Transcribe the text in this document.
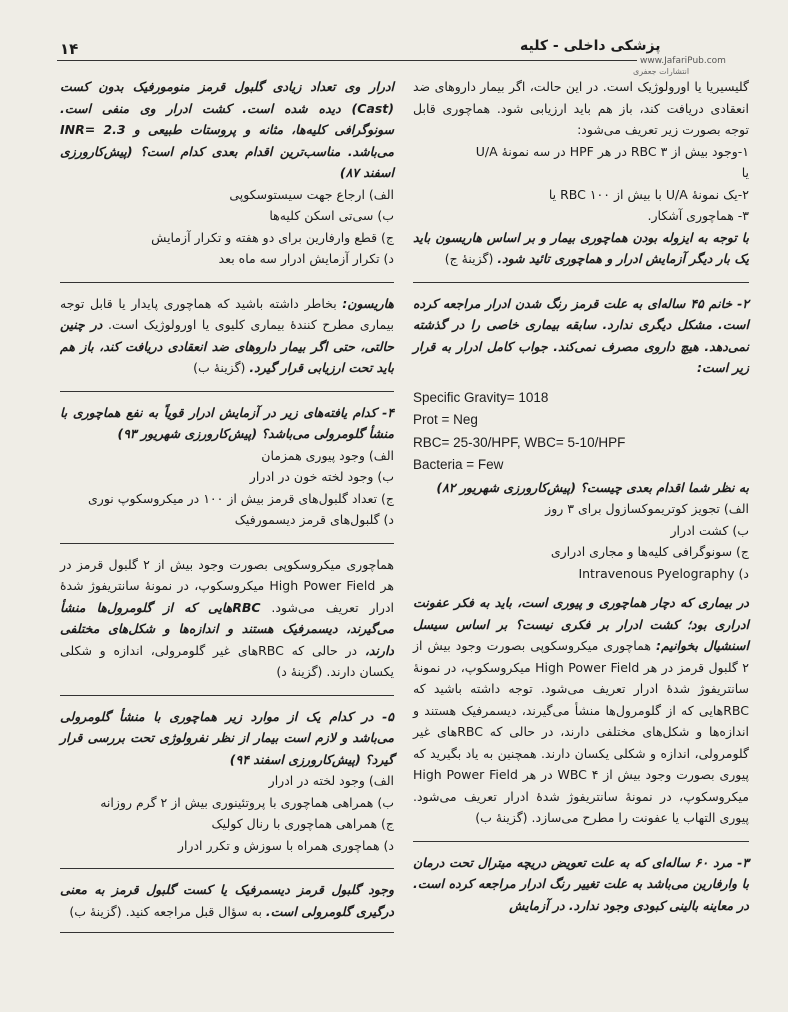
۱۴	پزشکی داخلی - کلیه
www.JafariPub.com
انتشارات جعفری

گلیسیریا یا اورولوژیک است. در این حالت، اگر بیمار داروهای ضد انعقادی دریافت کند، باز هم باید ارزیابی شود. هماچوری قابل توجه بصورت زیر تعریف می‌شود:

۱-وجود بیش از ۳ RBC در هر HPF در سه نمونهٔ U/A

یا

۲-یک نمونهٔ U/A با بیش از ۱۰۰ RBC یا

۳- هماچوری آشکار.

با توجه به ایزوله بودن هماچوری بیمار و بر اساس هاریسون باید یک بار دیگر آزمایش ادرار و هماچوری تائید شود. (گزینهٔ ج)

۲- خانم ۴۵ ساله‌ای به علت قرمز رنگ شدن ادرار مراجعه کرده است. مشکل دیگری ندارد. سابقه بیماری خاصی را در گذشته نمی‌دهد. هیچ داروی مصرف نمی‌کند. جواب کامل ادرار به قرار زیر است:

Specific Gravity= 1018
Prot = Neg
RBC= 25-30/HPF, WBC= 5-10/HPF
Bacteria = Few

به نظر شما اقدام بعدی چیست؟ (پیش‌کارورزی شهریور ۸۲)

الف) تجویز کوتریموکسازول برای ۳ روز
ب) کشت ادرار
ج) سونوگرافی کلیه‌ها و مجاری ادراری
د) Intravenous Pyelography

در بیماری که دچار هماچوری و پیوری است، باید به فکر عفونت ادراری بود؛ کشت ادرار بر فکری نیست؟ بر اساس سیسل اسنشیال بخوانیم: هماچوری میکروسکوپی بصورت وجود بیش از ۲ گلبول قرمز در هر High Power Field میکروسکوپ، در نمونهٔ سانتریفوژ شدهٔ ادرار تعریف می‌شود. توجه داشته باشید که RBCهایی که از گلومرول‌ها منشأ می‌گیرند، دیسمرفیک هستند و اندازه‌ها و شکل‌های مختلفی دارند، در حالی که RBCهای غیر گلومرولی، اندازه و شکلی یکسان دارند. همچنین به یاد بگیرید که پیوری بصورت وجود بیش از ۴ WBC در هر High Power Field میکروسکوپ، در نمونهٔ سانتریفوژ شدهٔ ادرار تعریف می‌شود. پیوری التهاب یا عفونت را مطرح می‌سازد. (گزینهٔ ب)

۳- مرد ۶۰ ساله‌ای که به علت تعویض دریچه میترال تحت درمان با وارفارین می‌باشد به علت تغییر رنگ ادرار مراجعه کرده است. در معاینه بالینی کبودی وجود ندارد. در آزمایش

ادرار وی تعداد زیادی گلبول قرمز منومورفیک بدون کست (Cast) دیده شده است. کشت ادرار وی منفی است. سونوگرافی کلیه‌ها، مثانه و پروستات طبیعی و INR= 2.3 می‌باشد. مناسب‌ترین اقدام بعدی کدام است؟ (پیش‌کارورزی اسفند ۸۷)

الف) ارجاع جهت سیستوسکوپی
ب) سی‌تی اسکن کلیه‌ها
ج) قطع وارفارین برای دو هفته و تکرار آزمایش
د) تکرار آزمایش ادرار سه ماه بعد

هاریسون: بخاطر داشته باشید که هماچوری پایدار یا قابل توجه بیماری مطرح کنندهٔ بیماری کلیوی یا اورولوژیک است. در چنین حالتی، حتی اگر بیمار داروهای ضد انعقادی دریافت کند، باز هم باید تحت ارزیابی قرار گیرد. (گزینهٔ ب)

۴- کدام یافته‌های زیر در آزمایش ادرار قویاً به نفع هماچوری با منشأ گلومرولی می‌باشد؟ (پیش‌کارورزی شهریور ۹۳)

الف) وجود پیوری همزمان
ب) وجود لخته خون در ادرار
ج) تعداد گلبول‌های قرمز بیش از ۱۰۰ در میکروسکوپ نوری
د) گلبول‌های قرمز دیسمورفیک

هماچوری میکروسکوپی بصورت وجود بیش از ۲ گلبول قرمز در هر High Power Field میکروسکوپ، در نمونهٔ سانتریفوژ شدهٔ ادرار تعریف می‌شود. RBCهایی که از گلومرول‌ها منشأ می‌گیرند، دیسمرفیک هستند و اندازه‌ها و شکل‌های مختلفی دارند، در حالی که RBCهای غیر گلومرولی، اندازه و شکلی یکسان دارند. (گزینهٔ د)

۵- در کدام یک از موارد زیر هماچوری با منشأ گلومرولی می‌باشد و لازم است بیمار از نظر نفرولوژی تحت بررسی قرار گیرد؟ (پیش‌کارورزی اسفند ۹۴)

الف) وجود لخته در ادرار
ب) همراهی هماچوری با پروتئینوری بیش از ۲ گرم روزانه
ج) همراهی هماچوری با رنال کولیک
د) هماچوری همراه با سوزش و تکرر ادرار

وجود گلبول قرمز دیسمرفیک یا کست گلبول قرمز به معنی درگیری گلومرولی است. به سؤال قبل مراجعه کنید. (گزینهٔ ب)
